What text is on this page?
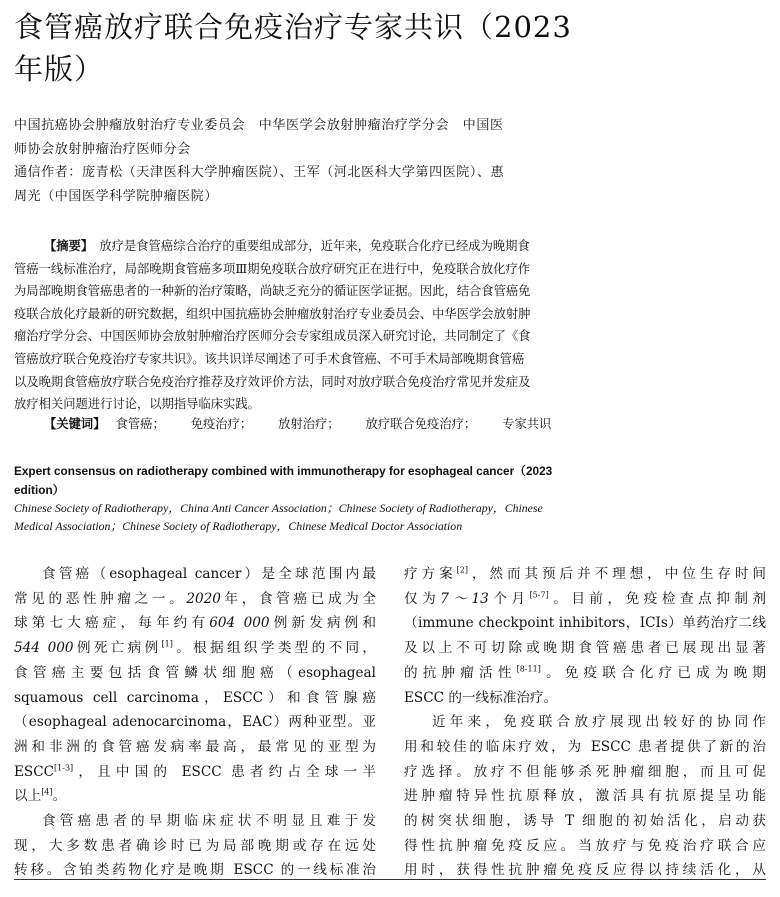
食管癌放疗联合免疫治疗专家共识（2023
年版）
中国抗癌协会肿瘤放射治疗专业委员会　中华医学会放射肿瘤治疗学分会　中国医
师协会放射肿瘤治疗医师分会
通信作者：庞青松（天津医科大学肿瘤医院）、王军（河北医科大学第四医院）、惠
周光（中国医学科学院肿瘤医院）
【摘要】　 放疗是食管癌综合治疗的重要组成部分，近年来，免疫联合化疗已经成为晚期食
管癌一线标准治疗，局部晚期食管癌多项Ⅲ期免疫联合放疗研究正在进行中，免疫联合放化疗作
为局部晚期食管癌患者的一种新的治疗策略，尚缺乏充分的循证医学证据。因此，结合食管癌免
疫联合放化疗最新的研究数据，组织中国抗癌协会肿瘤放射治疗专业委员会、中华医学会放射肿
瘤治疗学分会、中国医师协会放射肿瘤治疗医师分会专家组成员深入研究讨论，共同制定了《食
管癌放疗联合免疫治疗专家共识》。该共识详尽阐述了可手术食管癌、不可手术局部晚期食管癌
以及晚期食管癌放疗联合免疫治疗推荐及疗效评价方法，同时对放疗联合免疫治疗常见并发症及
放疗相关问题进行讨论，以期指导临床实践。
【关键词】　 食管癌； 免疫治疗； 放射治疗； 放疗联合免疫治疗； 专家共识
Expert consensus on radiotherapy combined with immunotherapy for esophageal cancer（2023
edition）
Chinese Society of Radiotherapy，China Anti Cancer Association；Chinese Society of Radiotherapy，Chinese
Medical Association；Chinese Society of Radiotherapy，Chinese Medical Doctor Association
食管癌（esophageal cancer）是全球范围内最
常见的恶性肿瘤之一。2020年，食管癌已成为全
球第七大癌症，每年约有604 000例新发病例和
544 000例死亡病例[1]。根据组织学类型的不同，
食管癌主要包括食管鳞状细胞癌（esophageal
squamous cell carcinoma，ESCC）和食管腺癌
（esophageal adenocarcinoma，EAC）两种亚型。亚
洲和非洲的食管癌发病率最高，最常见的亚型为
ESCC[1-3]，且中国的 ESCC 患者约占全球一半
以上[4]。
食管癌患者的早期临床症状不明显且难于发
现，大多数患者确诊时已为局部晚期或存在远处
转移。含铂类药物化疗是晚期 ESCC 的一线标准治
疗方案[2]，然而其预后并不理想，中位生存时间
仅为7～13个月[5-7]。目前，免疫检查点抑制剂
（immune checkpoint inhibitors，ICIs）单药治疗二线
及以上不可切除或晚期食管癌患者已展现出显著
的抗肿瘤活性[8-11]。免疫联合化疗已成为晚期
ESCC 的一线标准治疗。
近年来，免疫联合放疗展现出较好的协同作
用和较佳的临床疗效，为 ESCC 患者提供了新的治
疗选择。放疗不但能够杀死肿瘤细胞，而且可促
进肿瘤特异性抗原释放，激活具有抗原提呈功能
的树突状细胞，诱导 T 细胞的初始活化，启动获
得性抗肿瘤免疫反应。当放疗与免疫治疗联合应
用时，获得性抗肿瘤免疫反应得以持续活化，从
